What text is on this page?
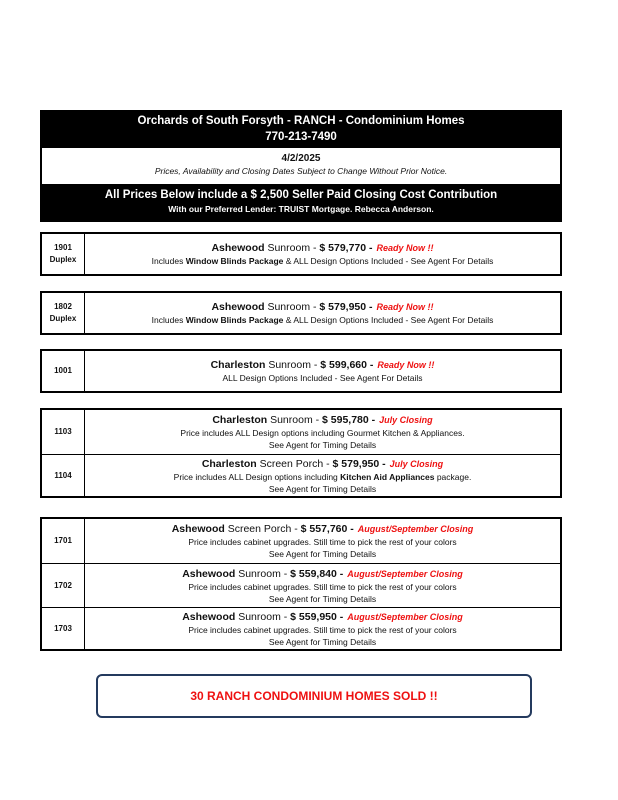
Orchards of South Forsyth - RANCH - Condominium Homes
770-213-7490
4/2/2025
Prices, Availability and Closing Dates Subject to Change Without Prior Notice.
All Prices Below include a $ 2,500 Seller Paid Closing Cost Contribution
With our Preferred Lender: TRUIST Mortgage. Rebecca Anderson.
1901
Duplex
Ashewood Sunroom - $ 579,770 - Ready Now !!
Includes Window Blinds Package & ALL Design Options Included - See Agent For Details
1802
Duplex
Ashewood Sunroom - $ 579,950 - Ready Now !!
Includes Window Blinds Package & ALL Design Options Included - See Agent For Details
1001	Charleston Sunroom - $ 599,660 - Ready Now !!
ALL Design Options Included - See Agent For Details
1103
Charleston Sunroom - $ 595,780 - July Closing
Price includes ALL Design options including Gourmet Kitchen & Appliances.
See Agent for Timing Details
1104
Charleston Screen Porch - $ 579,950 - July Closing
Price includes ALL Design options including Kitchen Aid Appliances package.
See Agent for Timing Details
1701
Ashewood Screen Porch - $ 557,760 - August/September Closing
Price includes cabinet upgrades. Still time to pick the rest of your colors
See Agent for Timing Details
1702
Ashewood Sunroom - $ 559,840 - August/September Closing
Price includes cabinet upgrades. Still time to pick the rest of your colors
See Agent for Timing Details
1703
Ashewood Sunroom - $ 559,950 - August/September Closing
Price includes cabinet upgrades. Still time to pick the rest of your colors
See Agent for Timing Details
30 RANCH CONDOMINIUM HOMES SOLD !!
